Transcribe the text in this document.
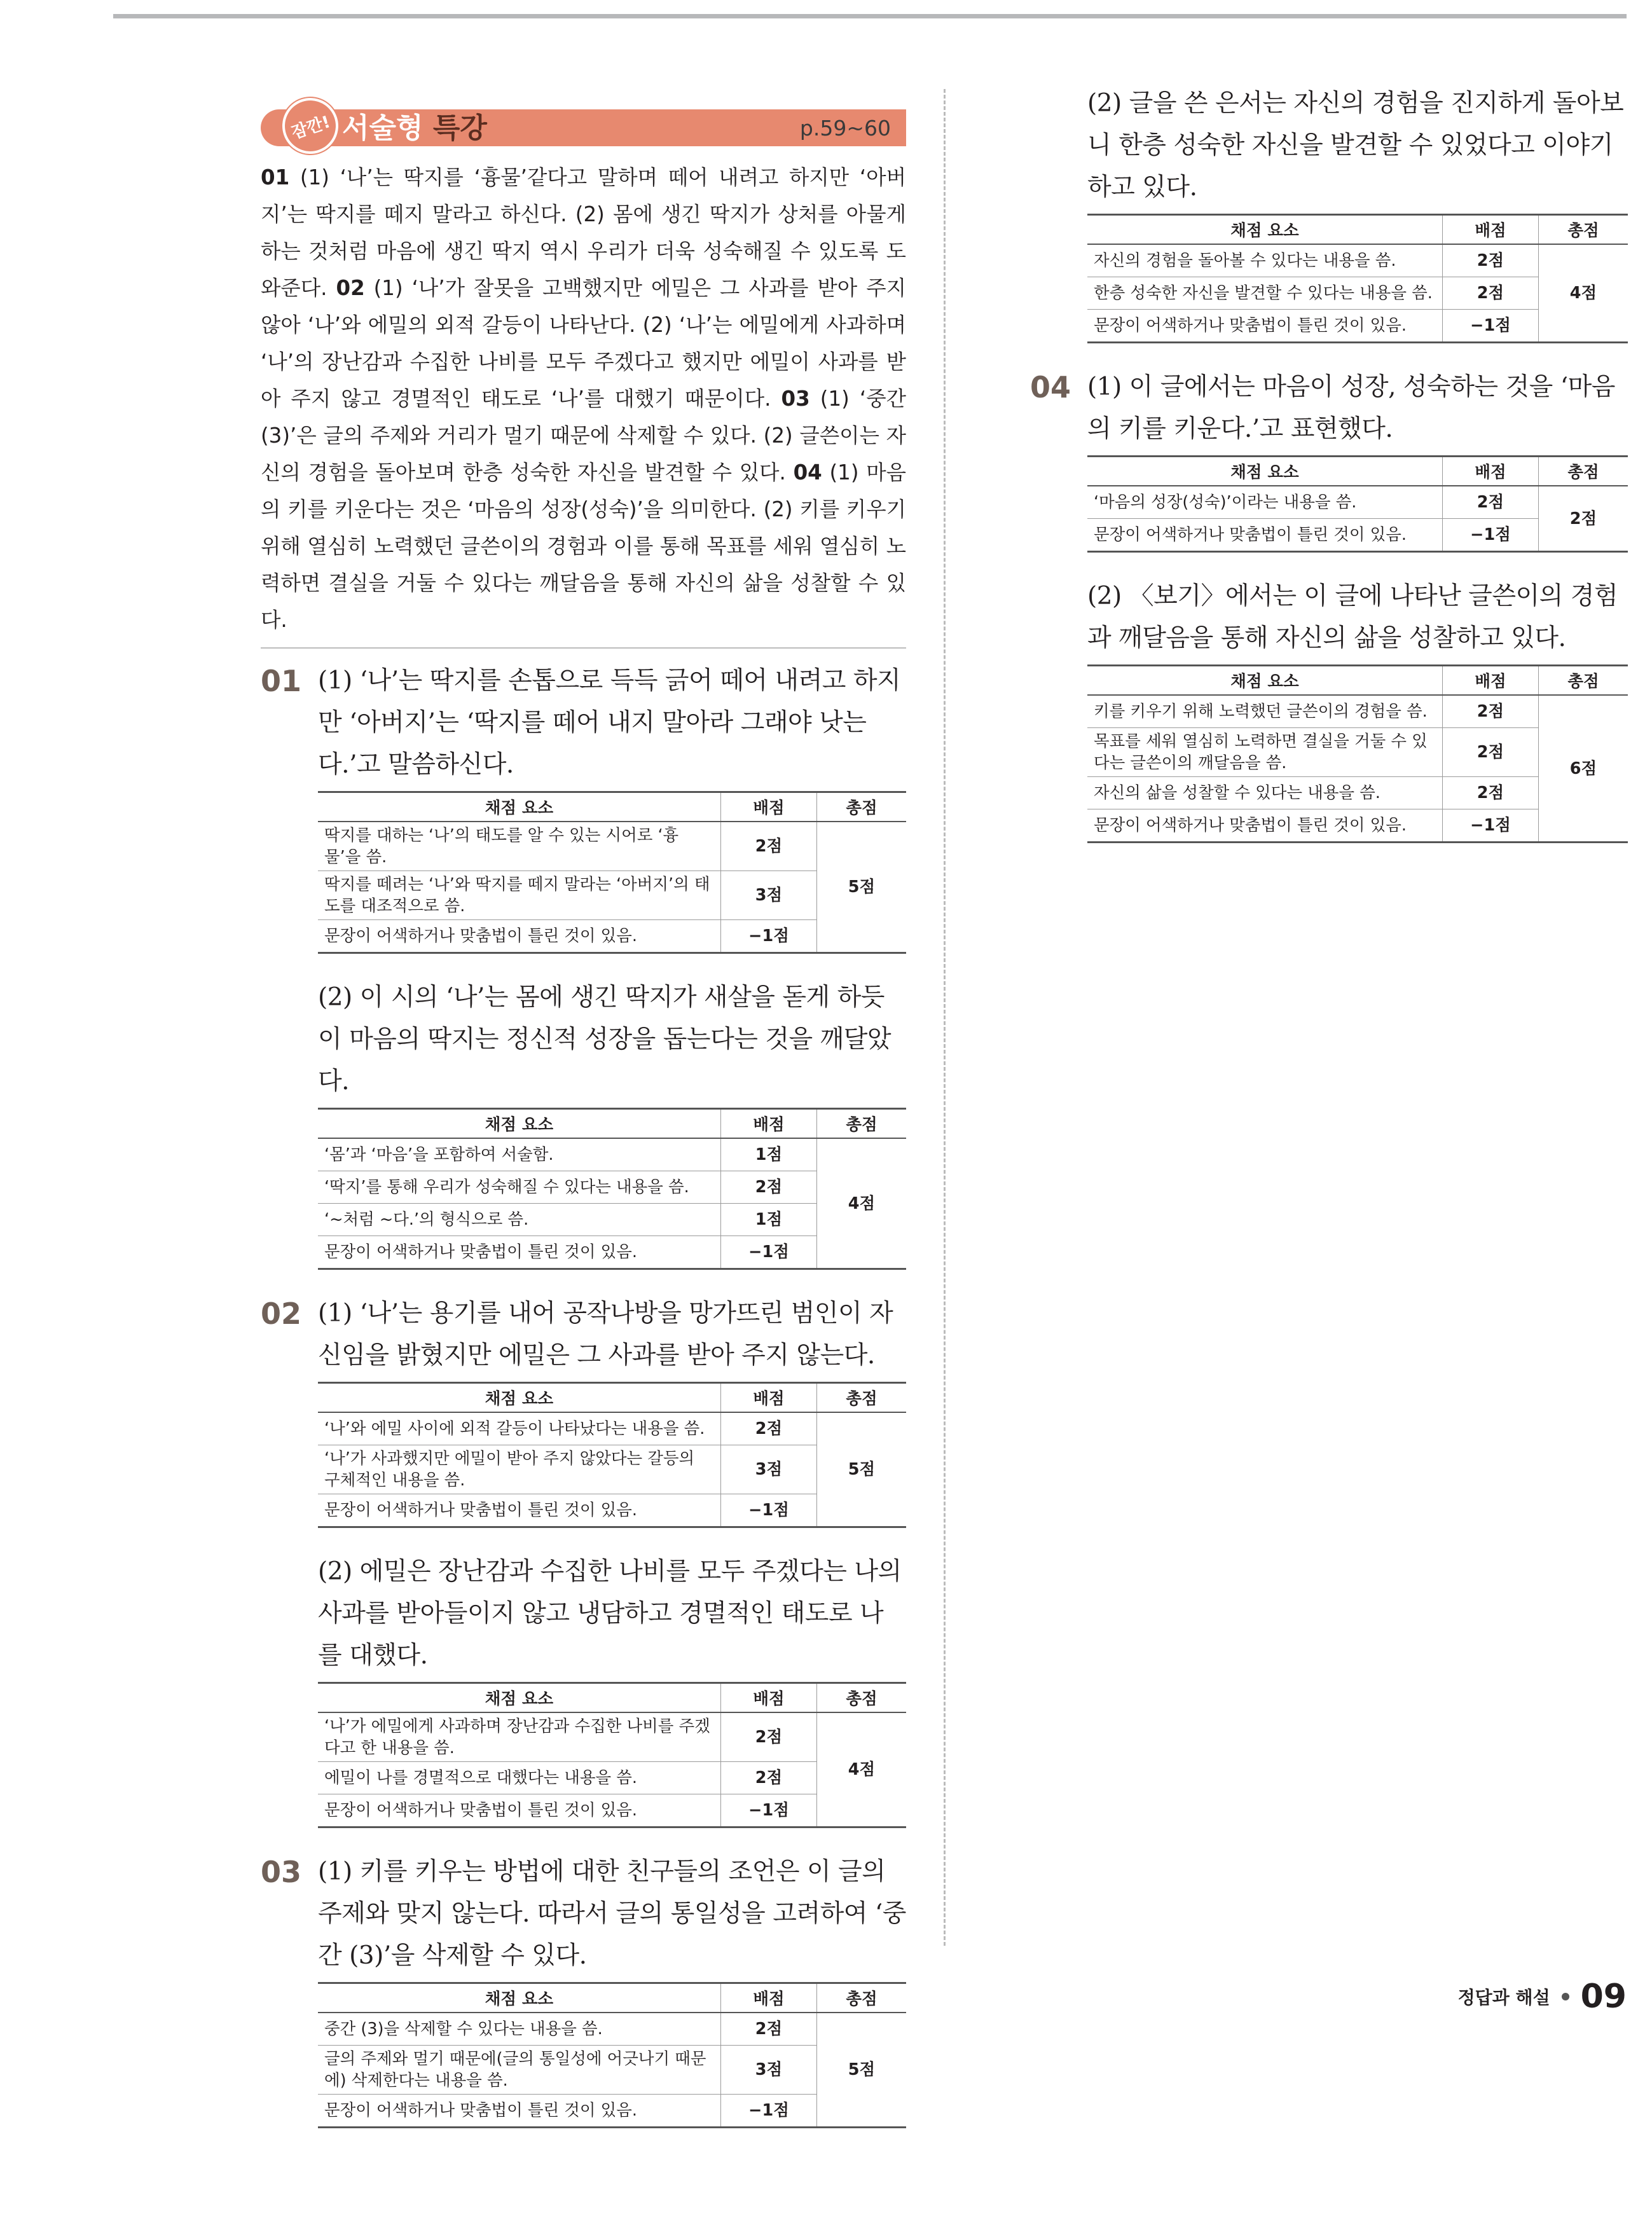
잠깐! 서술형 특강	p.59~60
01 (1) ‘나’는 딱지를 ‘흉물’같다고 말하며 떼어 내려고 하지만 ‘아버지’는 딱지를 떼지 말라고 하신다. (2) 몸에 생긴 딱지가 상처를 아물게 하는 것처럼 마음에 생긴 딱지 역시 우리가 더욱 성숙해질 수 있도록 도와준다. 02 (1) ‘나’가 잘못을 고백했지만 에밀은 그 사과를 받아 주지 않아 ‘나’와 에밀의 외적 갈등이 나타난다. (2) ‘나’는 에밀에게 사과하며 ‘나’의 장난감과 수집한 나비를 모두 주겠다고 했지만 에밀이 사과를 받아 주지 않고 경멸적인 태도로 ‘나’를 대했기 때문이다. 03 (1) ‘중간 (3)’은 글의 주제와 거리가 멀기 때문에 삭제할 수 있다. (2) 글쓴이는 자신의 경험을 돌아보며 한층 성숙한 자신을 발견할 수 있다. 04 (1) 마음의 키를 키운다는 것은 ‘마음의 성장(성숙)’을 의미한다. (2) 키를 키우기 위해 열심히 노력했던 글쓴이의 경험과 이를 통해 목표를 세워 열심히 노력하면 결실을 거둘 수 있다는 깨달음을 통해 자신의 삶을 성찰할 수 있다.
01 (1) ‘나’는 딱지를 손톱으로 득득 긁어 떼어 내려고 하지만 ‘아버지’는 ‘딱지를 떼어 내지 말아라 그래야 낫는다.’고 말씀하신다.
채점 요소	배점	총점
딱지를 대하는 ‘나’의 태도를 알 수 있는 시어로 ‘흉물’을 씀.	2점	5점
딱지를 떼려는 ‘나’와 딱지를 떼지 말라는 ‘아버지’의 태도를 대조적으로 씀.	3점	
문장이 어색하거나 맞춤법이 틀린 것이 있음.	−1점	
(2) 이 시의 ‘나’는 몸에 생긴 딱지가 새살을 돋게 하듯이 마음의 딱지는 정신적 성장을 돕는다는 것을 깨달았다.
채점 요소	배점	총점
‘몸’과 ‘마음’을 포함하여 서술함.	1점	4점
‘딱지’를 통해 우리가 성숙해질 수 있다는 내용을 씀.	2점	
‘~처럼 ~다.’의 형식으로 씀.	1점	
문장이 어색하거나 맞춤법이 틀린 것이 있음.	−1점	
02 (1) ‘나’는 용기를 내어 공작나방을 망가뜨린 범인이 자신임을 밝혔지만 에밀은 그 사과를 받아 주지 않는다.
채점 요소	배점	총점
‘나’와 에밀 사이에 외적 갈등이 나타났다는 내용을 씀.	2점	5점
‘나’가 사과했지만 에밀이 받아 주지 않았다는 갈등의 구체적인 내용을 씀.	3점	
문장이 어색하거나 맞춤법이 틀린 것이 있음.	−1점	
(2) 에밀은 장난감과 수집한 나비를 모두 주겠다는 나의 사과를 받아들이지 않고 냉담하고 경멸적인 태도로 나를 대했다.
채점 요소	배점	총점
‘나’가 에밀에게 사과하며 장난감과 수집한 나비를 주겠다고 한 내용을 씀.	2점	4점
에밀이 나를 경멸적으로 대했다는 내용을 씀.	2점	
문장이 어색하거나 맞춤법이 틀린 것이 있음.	−1점	
03 (1) 키를 키우는 방법에 대한 친구들의 조언은 이 글의 주제와 맞지 않는다. 따라서 글의 통일성을 고려하여 ‘중간 (3)’을 삭제할 수 있다.
채점 요소	배점	총점
중간 (3)을 삭제할 수 있다는 내용을 씀.	2점	5점
글의 주제와 멀기 때문에(글의 통일성에 어긋나기 때문에) 삭제한다는 내용을 씀.	3점	
문장이 어색하거나 맞춤법이 틀린 것이 있음.	−1점	
(2) 글을 쓴 은서는 자신의 경험을 진지하게 돌아보니 한층 성숙한 자신을 발견할 수 있었다고 이야기하고 있다.
채점 요소	배점	총점
자신의 경험을 돌아볼 수 있다는 내용을 씀.	2점	4점
한층 성숙한 자신을 발견할 수 있다는 내용을 씀.	2점	
문장이 어색하거나 맞춤법이 틀린 것이 있음.	−1점	
04 (1) 이 글에서는 마음이 성장, 성숙하는 것을 ‘마음의 키를 키운다.’고 표현했다.
채점 요소	배점	총점
‘마음의 성장(성숙)’이라는 내용을 씀.	2점	2점
문장이 어색하거나 맞춤법이 틀린 것이 있음.	−1점	
(2) 〈보기〉에서는 이 글에 나타난 글쓴이의 경험과 깨달음을 통해 자신의 삶을 성찰하고 있다.
채점 요소	배점	총점
키를 키우기 위해 노력했던 글쓴이의 경험을 씀.	2점	6점
목표를 세워 열심히 노력하면 결실을 거둘 수 있다는 글쓴이의 깨달음을 씀.	2점	
자신의 삶을 성찰할 수 있다는 내용을 씀.	2점	
문장이 어색하거나 맞춤법이 틀린 것이 있음.	−1점	
정답과 해설 09
